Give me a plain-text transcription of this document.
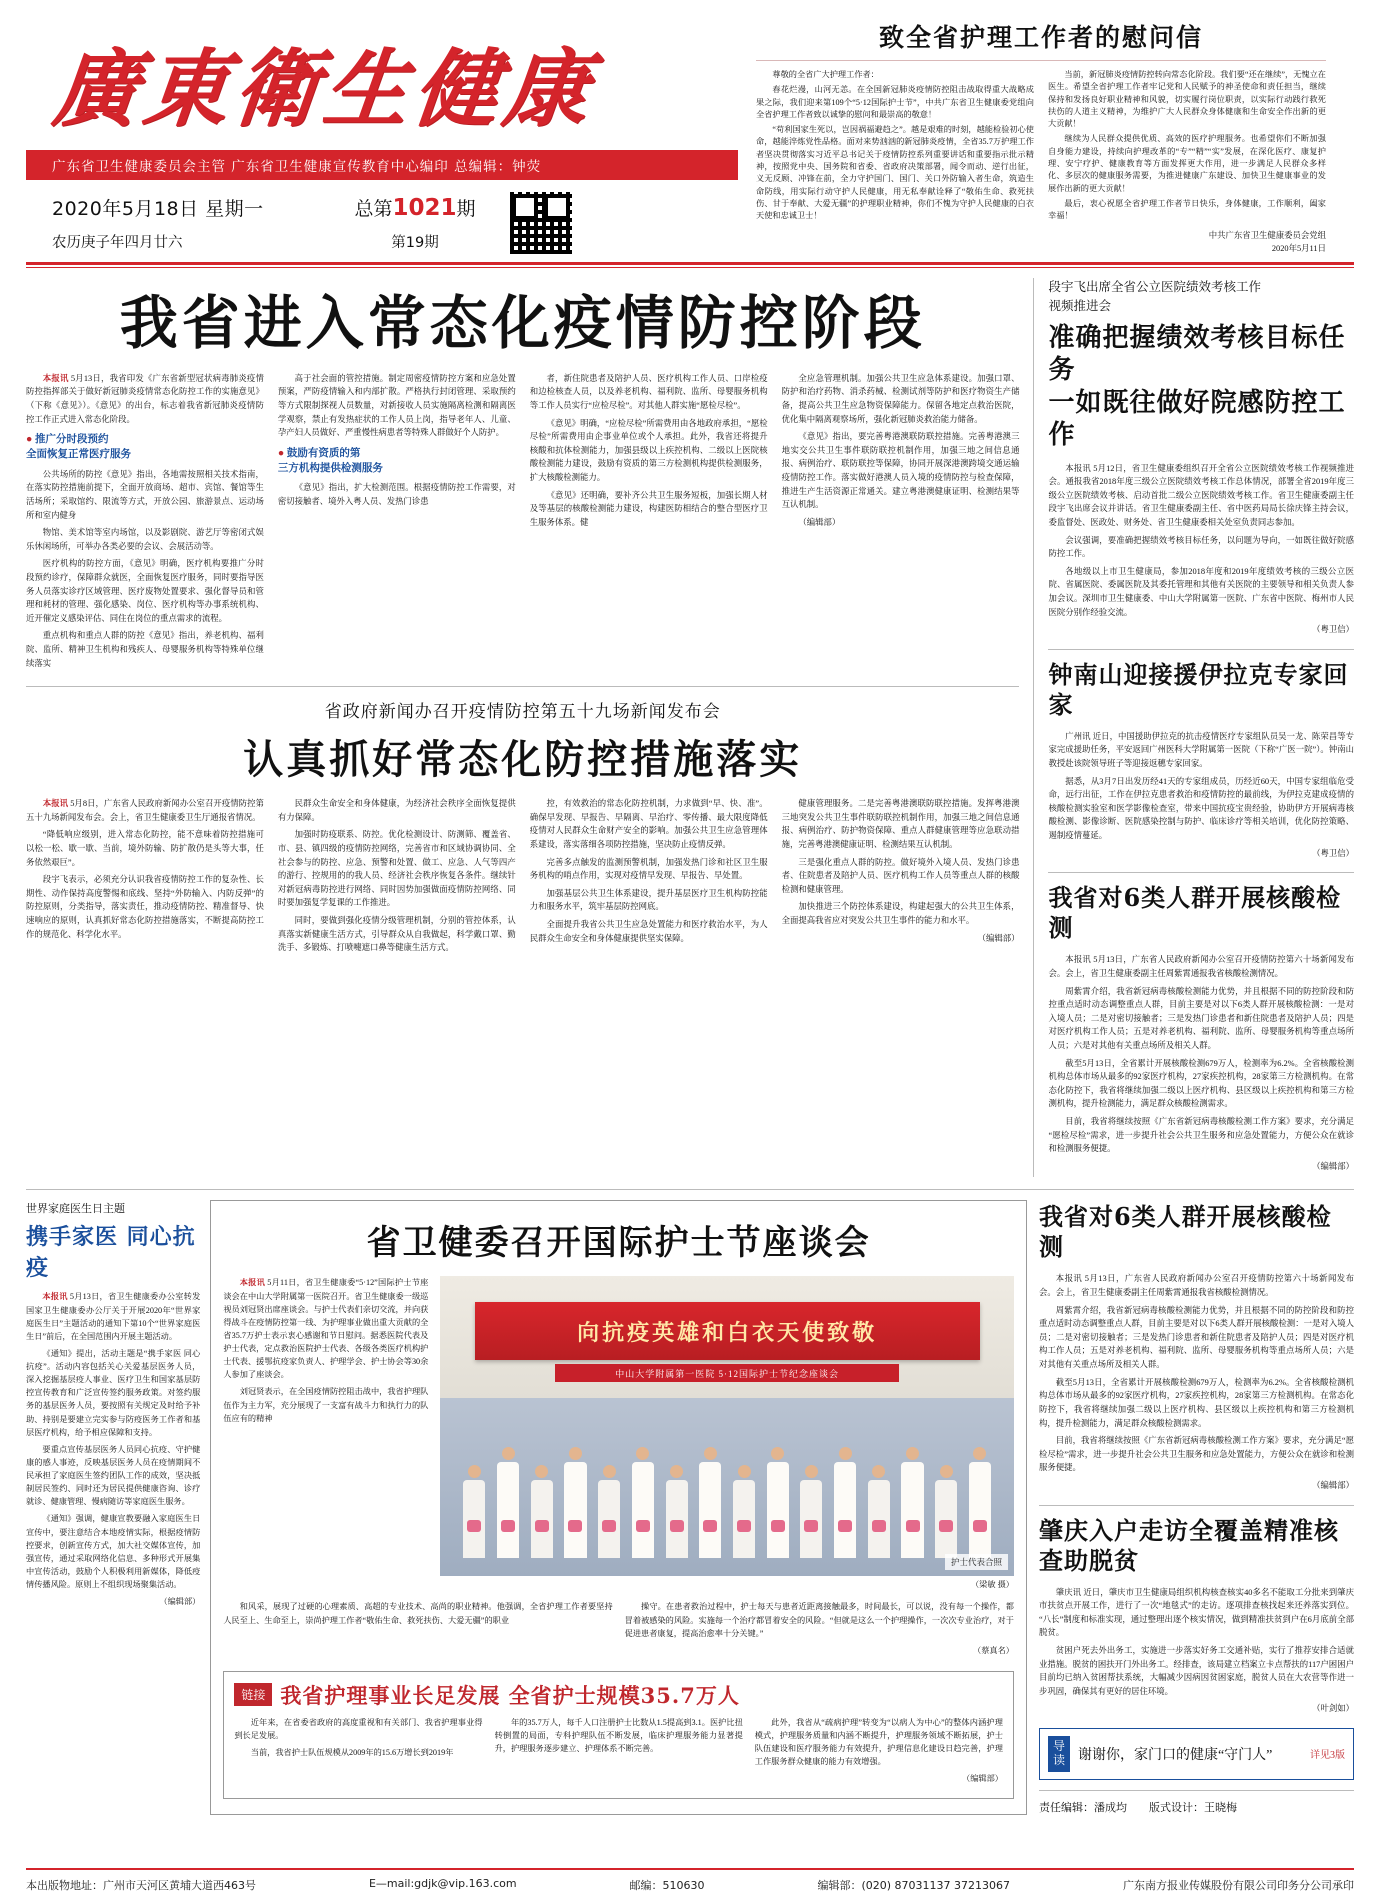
廣東衛生健康
广东省卫生健康委员会主管 广东省卫生健康宣传教育中心编印 总编辑：钟荧
2020年5月18日 星期一
农历庚子年四月廿六
总第1021期
第19期
致全省护理工作者的慰问信

尊敬的全省广大护理工作者：

春花烂漫，山河无恙。在全国新冠肺炎疫情防控阻击战取得重大战略成果之际，我们迎来第109个“5·12国际护士节”，中共广东省卫生健康委党组向全省护理工作者致以诚挚的慰问和最崇高的敬意！

“苟利国家生死以，岂因祸福避趋之”。越是艰难的时刻，越能检验初心使命，越能淬炼党性品格。面对来势汹汹的新冠肺炎疫情，全省35.7万护理工作者坚决贯彻落实习近平总书记关于疫情防控系列重要讲话和重要指示批示精神，按照党中央、国务院和省委、省政府决策部署，闻令而动、逆行出征，义无反顾、冲锋在前，全力守护国门、国门、关口外防输入者生命，筑造生命防线，用实际行动守护人民健康，用无私奉献诠释了“敬佑生命、救死扶伤、甘于奉献、大爱无疆”的护理职业精神，你们不愧为守护人民健康的白衣天使和忠诚卫士！

当前，新冠肺炎疫情防控转向常态化阶段。我们要“还在继续”，无愧立在医生。希望全省护理工作者牢记党和人民赋予的神圣使命和责任担当，继续保持和发扬良好职业精神和风貌，切实履行岗位职责，以实际行动践行救死扶伤的人道主义精神，为维护广大人民群众身体健康和生命安全作出新的更大贡献！

继续为人民群众提供优质、高效的医疗护理服务。也希望你们不断加强自身能力建设，持续向护理改革的“专”“精”“实”发展，在深化医疗、康复护理、安宁疗护、健康教育等方面发挥更大作用，进一步满足人民群众多样化、多层次的健康服务需要，为推进健康广东建设、加快卫生健康事业的发展作出新的更大贡献！

最后，衷心祝愿全省护理工作者节日快乐，身体健康，工作顺利，阖家幸福！

中共广东省卫生健康委员会党组
2020年5月11日
我省进入常态化疫情防控阶段

本报讯 5月13日，我省印发《广东省新型冠状病毒肺炎疫情防控指挥部关于做好新冠肺炎疫情常态化防控工作的实施意见》（下称《意见》）。《意见》的出台，标志着我省新冠肺炎疫情防控工作正式进入常态化阶段。

● 推广分时段预约
全面恢复正常医疗服务

公共场所的防控《意见》指出，各地需按照相关技术指南，在落实防控措施前提下，全面开放商场、超市、宾馆、餐馆等生活场所；采取馆约、限流等方式，开放公园、旅游景点、运动场所和室内健身

物馆、美术馆等室内场馆，以及影剧院、游艺厅等密闭式娱乐休闲场所，可举办各类必要的会议、会展活动等。

医疗机构的防控方面，《意见》明确，医疗机构要推广分时段预约诊疗，保障群众就医，全面恢复医疗服务，同时要指导医务人员落实诊疗区域管理、医疗废物处置要求、强化督导员和管理和耗材的管理、强化感染、岗位、医疗机构等办事系统机构、近开催定义感染评估、同住在岗位的重点需求的流程。

重点机构和重点人群的防控《意见》指出，养老机构、福利院、监所、精神卫生机构和残疾人、母婴服务机构等特殊单位继续落实

高于社会面的管控措施。制定周密疫情防控方案和应急处置预案，严防疫情输入和内部扩散。严格执行封闭管理、采取预约等方式限制探视人员数量，对新接收人员实施隔离检测和隔离医学观察，禁止有发热症状的工作人员上岗，指导老年人、儿童、孕产妇人员做好、严重慢性病患者等特殊人群做好个人防护。

● 鼓励有资质的第
三方机构提供检测服务

《意见》指出，扩大检测范围。根据疫情防控工作需要，对密切接触者、境外入粤人员、发热门诊患

者，新住院患者及陪护人员、医疗机构工作人员、口岸检疫和边检核查人员，以及养老机构、福利院、监所、母婴服务机构等工作人员实行“应检尽检”。对其他人群实施“愿检尽检”。

《意见》明确，“应检尽检”所需费用由各地政府承担，“愿检尽检”所需费用由企事业单位或个人承担。此外，我省还将提升核酸和抗体检测能力，加强县级以上疾控机构、二级以上医院核酸检测能力建设，鼓励有资质的第三方检测机构提供检测服务，扩大核酸检测能力。

《意见》还明确，要补齐公共卫生服务短板，加强长期人材及等基层的核酸检测能力建设，构建医防相结合的整合型医疗卫生服务体系。健

全应急管理机制。加强公共卫生应急体系建设。加强口罩、防护和治疗药物、消杀药械、检测试剂等防护和医疗物资生产储备，提高公共卫生应急物资保障能力。保留各地定点救治医院，优化集中隔离观察场所，强化新冠肺炎救治能力储备。

《意见》指出，要完善粤港澳联防联控措施。完善粤港澳三地实交公共卫生事件联防联控机制作用，加强三地之间信息通报、病例治疗、联防联控等保障，协同开展深港澳跨境交通运输疫情防控工作。落实做好港澳人员入境的疫情防控与检查保障，推进生产生活资源正常通关。建立粤港澳健康证明、检测结果等互认机制。

（编辑部）

省政府新闻办召开疫情防控第五十九场新闻发布会
认真抓好常态化防控措施落实

本报讯 5月8日，广东省人民政府新闻办公室召开疫情防控第五十九场新闻发布会。会上，省卫生健康委卫生厅通报省情况。

“降低响应级别，进入常态化防控，能不意味着防控措施可以松一松、歇一歇、当前，境外防输、防扩散仍是头等大事，任务依然艰巨”。

段宇飞表示，必须充分认识我省疫情防控工作的复杂性、长期性、动作保持高度警惕和底线、坚持“外防输入、内防反弹”的防控原则，分类指导，落实责任，推动疫情防控、精准督导、快速响应的原则，认真抓好常态化防控措施落实，不断提高防控工作的规范化、科学化水平。

民群众生命安全和身体健康，为经济社会秩序全面恢复提供有力保障。

加强时防疫联系、防控。优化检测设计、防测筛、覆盖省、市、县、镇四级的疫情防控网络，完善省市和区域协调协同、全社会参与的防控、应急、预警和处置、做工、应急、人气等四产的游行、控规用的的我人员、经济社会秩序恢复各条件。继续针对新冠病毒防控进行网络、同时因势加强做面疫情防控网络、同时要加强复学复课的工作推进。

同时，要做到强化疫情分级管理机制，分别的管控体系，认真落实新健康生活方式，引导群众从自我做起，科学戴口罩、勤洗手、多锻炼、打喷嚏遮口鼻等健康生活方式。

控，有效救治的常态化防控机制，力求做到“早、快、准”。确保早发现、早报告、早隔离、早治疗、零传播、最大限度降低疫情对人民群众生命财产安全的影响。加强公共卫生应急管理体系建设，落实落细各项防控措施，坚决防止疫情反弹。

完善多点触发的监测预警机制，加强发热门诊和社区卫生服务机构的哨点作用，实现对疫情早发现、早报告、早处置。

加强基层公共卫生体系建设，提升基层医疗卫生机构防控能力和服务水平，筑牢基层防控网底。

全面提升我省公共卫生应急处置能力和医疗救治水平，为人民群众生命安全和身体健康提供坚实保障。

健康管理服务。二是完善粤港澳联防联控措施。发挥粤港澳三地突发公共卫生事件联防联控机制作用，加强三地之间信息通报、病例治疗、防护物资保障、重点人群健康管理等应急联动措施，完善粤港澳健康证明、检测结果互认机制。

三是强化重点人群的防控。做好境外入境人员、发热门诊患者、住院患者及陪护人员、医疗机构工作人员等重点人群的核酸检测和健康管理。

加快推进三个防控体系建设，构建起强大的公共卫生体系，全面提高我省应对突发公共卫生事件的能力和水平。

（编辑部）

段宇飞出席全省公立医院绩效考核工作
视频推进会
准确把握绩效考核目标任务
一如既往做好院感防控工作

本报讯 5月12日，省卫生健康委组织召开全省公立医院绩效考核工作视频推进会。通报我省2018年度三级公立医院绩效考核工作总体情况，部署全省2019年度三级公立医院绩效考核、启动首批二级公立医院绩效考核工作。省卫生健康委副主任段宇飞出席会议并讲话。省卫生健康委副主任、省中医药局局长徐庆锋主持会议，委监督处、医政处、财务处、省卫生健康委相关处室负责同志参加。

会议强调，要准确把握绩效考核目标任务，以问题为导向，一如既往做好院感防控工作。

各地级以上市卫生健康局，参加2018年度和2019年度绩效考核的三级公立医院、省属医院、委属医院及其委托管理和其他有关医院的主要领导和相关负责人参加会议。深圳市卫生健康委、中山大学附属第一医院、广东省中医院、梅州市人民医院分别作经验交流。

（粤卫信）

钟南山迎接援伊拉克专家回家

广州讯 近日，中国援助伊拉克的抗击疫情医疗专家组队员吴一龙、陈荣昌等专家完成援助任务，平安返回广州医科大学附属第一医院（下称“广医一院”）。钟南山教授赴该院领导班子等迎接返穗专家回家。

据悉，从3月7日出发历经41天的专家组成员，历经近60天，中国专家组临危受命，远行出征，工作在伊拉克患者救治和疫情防控的最前线，为伊拉克建成疫情的核酸检测实验室和医学影像检查室，带来中国抗疫宝贵经验，协助伊方开展病毒核酸检测、影像诊断、医院感染控制与防护、临床诊疗等相关培训，优化防控策略、遏制疫情蔓延。

（粤卫信）

我省对6类人群开展核酸检测

本报讯 5月13日，广东省人民政府新闻办公室召开疫情防控第六十场新闻发布会。会上，省卫生健康委副主任周紫霄通报我省核酸检测情况。

周紫霄介绍，我省新冠病毒核酸检测能力优势，并且根据不同的防控阶段和防控重点适时动态调整重点人群，目前主要是对以下6类人群开展核酸检测：一是对入境人员；二是对密切接触者；三是发热门诊患者和新住院患者及陪护人员；四是对医疗机构工作人员；五是对养老机构、福利院、监所、母婴服务机构等重点场所人员；六是对其他有关重点场所及相关人群。

截至5月13日，全省累计开展核酸检测679万人，检测率为6.2%。全省核酸检测机构总体市场从最多的92家医疗机构，27家疾控机构，28家第三方检测机构。在常态化防控下，我省将继续加强二级以上医疗机构、县区级以上疾控机构和第三方检测机构，提升检测能力，满足群众核酸检测需求。

目前，我省将继续按照《广东省新冠病毒核酸检测工作方案》要求，充分满足“愿检尽检”需求，进一步提升社会公共卫生服务和应急处置能力，方便公众在就诊和检测服务便捷。

（编辑部）

世界家庭医生日主题
携手家医 同心抗疫

本报讯 5月13日，省卫生健康委办公室转发国家卫生健康委办公厅关于开展2020年“世界家庭医生日”主题活动的通知下第10个“世界家庭医生日”前后，在全国范围内开展主题活动。

《通知》提出，活动主题是“携手家医 同心抗疫”。活动内容包括关心关爱基层医务人员，深入挖掘基层疫人事业、医疗卫生和国家基层防控宣传教育和广泛宣传签约服务政策。对签约服务的基层医务人员，要按照有关规定及时给予补助、持别是要建立完实参与防疫医务工作者和基层医疗机构，给予相应保障和支持。

要重点宣传基层医务人员同心抗疫、守护健康的感人事迹，反映基层医务人员在疫情期间不民承担了家庭医生签约团队工作的成效，坚决抵制居民签约、同时还为居民提供健康咨询、诊疗就诊、健康管理、慢病随访等家庭医生服务。

《通知》强调，健康宣教要融入家庭医生日宣传中，要注意结合本地疫情实际，根据疫情防控要求，创新宣传方式，加大社交媒体宣传，加强宣传，通过采取网络化信息、多种形式开展集中宣传活动，鼓励个人积极利用新媒体，降低疫情传播风险。原则上不组织现场聚集活动。

（编辑部）

省卫健委召开国际护士节座谈会

本报讯 5月11日，省卫生健康委“5·12”国际护士节座谈会在中山大学附属第一医院召开。省卫生健康委一级巡视员刘冠贤出席座谈会。与护士代表们亲切交流，并向获得战斗在疫情防控第一线、为护理事业做出重大贡献的全省35.7万护士表示衷心感谢和节日慰问。据悉医院代表及护士代表，定点救治医院护士代表、各级各类医疗机构护士代表、援鄂抗疫家负责人、护理学会、护士协会等30余人参加了座谈会。

刘冠贤表示，在全国疫情防控阻击战中，我省护理队伍作为主力军，充分展现了一支富有战斗力和执行力的队伍应有的精神

向抗疫英雄和白衣天使致敬
中山大学附属第一医院 5·12国际护士节纪念座谈会
护士代表合照
（梁敏 摄）

和风采，展现了过硬的心理素质、高超的专业技术、高尚的职业精神。他强调，全省护理工作者要坚持人民至上、生命至上，崇尚护理工作者“敬佑生命、救死扶伤、大爱无疆”的职业

操守。在患者救治过程中，护士每天与患者近距离接触最多，时间最长，可以说，没有每一个操作，都冒着被感染的风险。实施每一个治疗都冒着安全的风险。“但就是这么一个护理操作，一次次专业治疗，对于促进患者康复，提高治愈率十分关键。”

（蔡真名）

链接 我省护理事业长足发展 全省护士规模35.7万人

近年来，在省委省政府的高度重视和有关部门、我省护理事业得到长足发展。

当前，我省护士队伍规模从2009年的15.6万增长到2019年

年的35.7万人，每千人口注册护士比数从1.5提高到3.1。医护比扭转倒置的局面，专科护理队伍不断发展，临床护理服务能力显著提升，护理服务逐步建立、护理体系不断完善。

此外，我省从“疏病护理”转变为“以病人为中心”的整体内涵护理模式，护理服务质量和内涵不断提升，护理服务领域不断拓展，护士队伍建设和医疗服务能力有效提升，护理信息化建设日趋完善，护理工作服务群众健康的能力有效增强。

（编辑部）

我省对6类人群开展核酸检测

本报讯 5月13日，广东省人民政府新闻办公室召开疫情防控第六十场新闻发布会。会上，省卫生健康委副主任周紫霄通报我省核酸检测情况。

周紫霄介绍，我省新冠病毒核酸检测能力优势，并且根据不同的防控阶段和防控重点适时动态调整重点人群，目前主要是对以下6类人群开展核酸检测：一是对入境人员；二是对密切接触者；三是发热门诊患者和新住院患者及陪护人员；四是对医疗机构工作人员；五是对养老机构、福利院、监所、母婴服务机构等重点场所人员；六是对其他有关重点场所及相关人群。

截至5月13日，全省累计开展核酸检测679万人，检测率为6.2%。全省核酸检测机构总体市场从最多的92家医疗机构，27家疾控机构，28家第三方检测机构。在常态化防控下，我省将继续加强二级以上医疗机构、县区级以上疾控机构和第三方检测机构，提升检测能力，满足群众核酸检测需求。

目前，我省将继续按照《广东省新冠病毒核酸检测工作方案》要求，充分满足“愿检尽检”需求，进一步提升社会公共卫生服务和应急处置能力，方便公众在就诊和检测服务便捷。

（编辑部）

肇庆入户走访全覆盖精准核查助脱贫

肇庆讯 近日，肇庆市卫生健康局组织机构核查核实40多名不能取工分批来到肇庆市扶贫点开展工作，进行了一次“地毯式”的走访。逐项排查核找起来还养落实到位。“八长”制度和标准实现，通过整理出逐个核实情况，做到精准扶贫到户在6月底前全部脱贫。

贫困户死去外出务工，实施进一步落实好务工交通补贴，实行了推荐安排合适就业措施。脱贫的困扶开门外出务工。经排查，该局建立档案立卡点帮扶的117户困困户目前均已纳入贫困帮扶系统，大幅减少因病因贫困家庭，脱贫人员在大农营等作进一步巩固，确保其有更好的居住环境。

（叶剑如）

导
读 谢谢你，家门口的健康“守门人”	详见3版
责任编辑：潘成均 版式设计：王晓梅
本出版物地址：广州市天河区黄埔大道西463号	E—mail:gdjk@vip.163.com	邮编：510630	编辑部：(020) 87031137 37213067	广东南方报业传媒股份有限公司印务分公司承印
